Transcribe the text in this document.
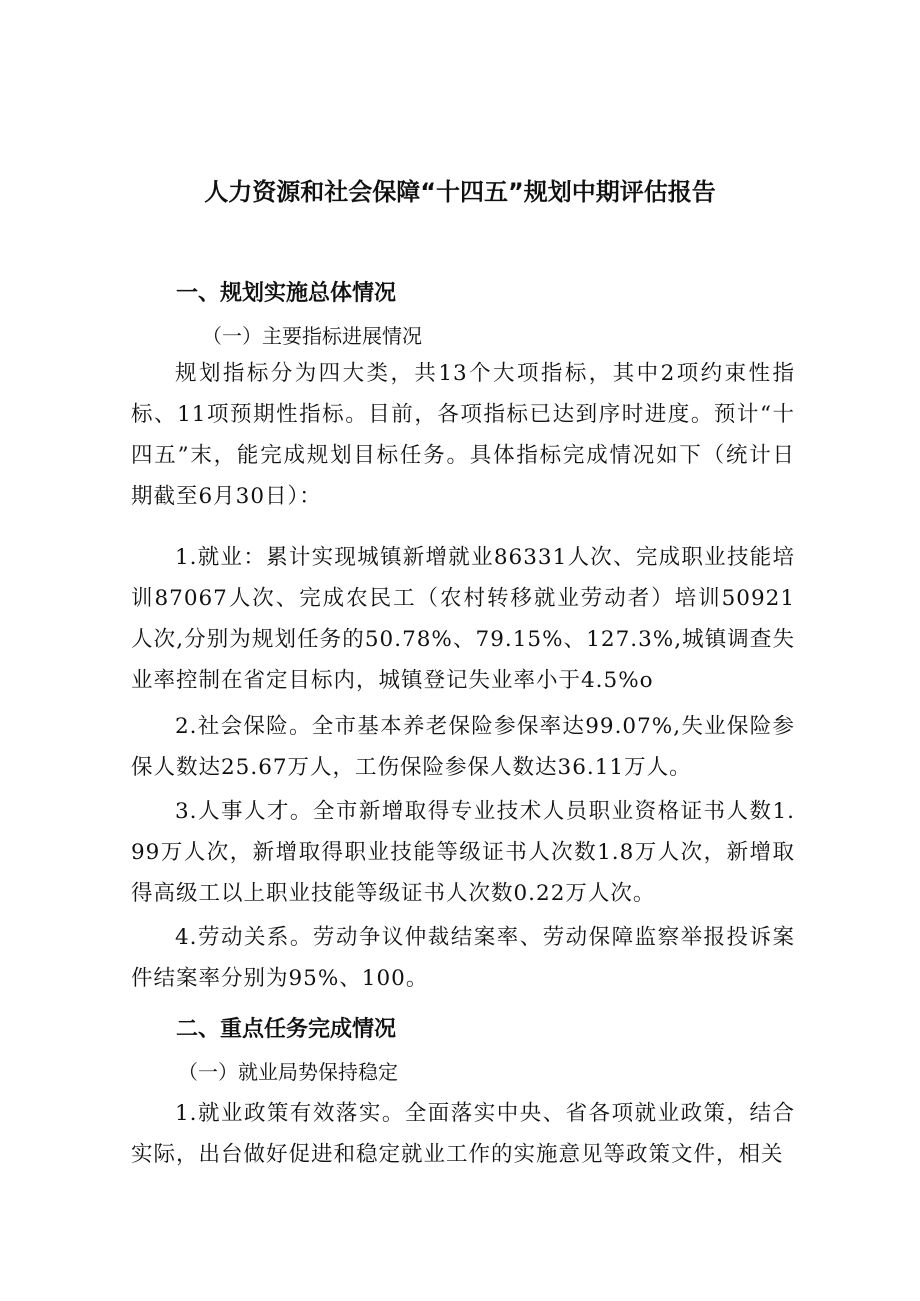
人力资源和社会保障“十四五”规划中期评估报告
一、规划实施总体情况
（一）主要指标进展情况
规划指标分为四大类，共13个大项指标，其中2项约束性指标、11项预期性指标。目前，各项指标已达到序时进度。预计“十四五”末，能完成规划目标任务。具体指标完成情况如下（统计日期截至6月30日）：
1.就业：累计实现城镇新增就业86331人次、完成职业技能培训87067人次、完成农民工（农村转移就业劳动者）培训50921人次,分别为规划任务的50.78%、79.15%、127.3%,城镇调查失业率控制在省定目标内，城镇登记失业率小于4.5%o
2.社会保险。全市基本养老保险参保率达99.07%,失业保险参保人数达25.67万人，工伤保险参保人数达36.11万人。
3.人事人才。全市新增取得专业技术人员职业资格证书人数1.99万人次，新增取得职业技能等级证书人次数1.8万人次，新增取得高级工以上职业技能等级证书人次数0.22万人次。
4.劳动关系。劳动争议仲裁结案率、劳动保障监察举报投诉案件结案率分别为95%、100。
二、重点任务完成情况
（一）就业局势保持稳定
1.就业政策有效落实。全面落实中央、省各项就业政策，结合实际，出台做好促进和稳定就业工作的实施意见等政策文件，相关
